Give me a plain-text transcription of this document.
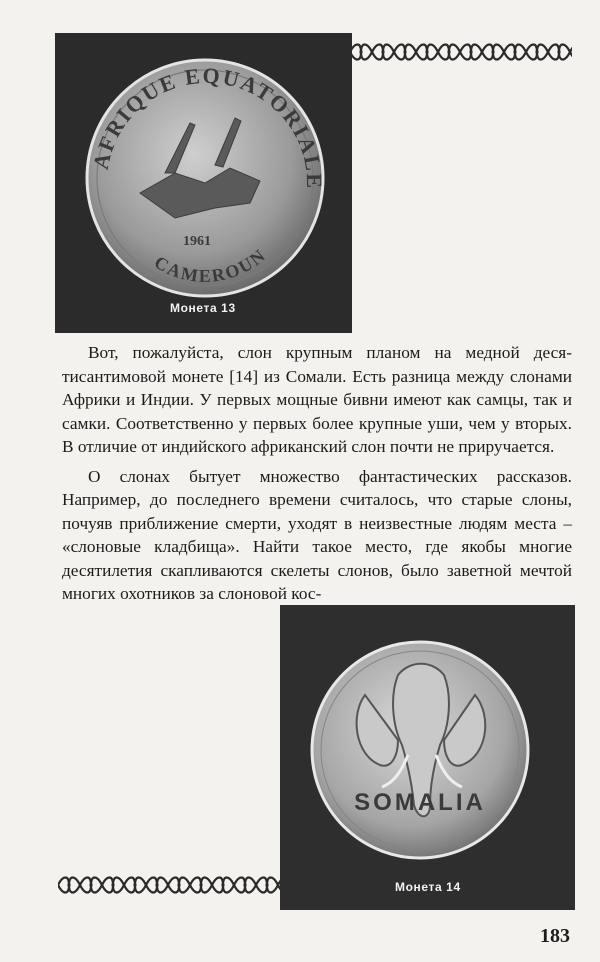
AFRIQUE EQUATORIALE
1961
CAMEROUN
Монета 13

Вот, пожалуйста, слон крупным планом на медной десятисантимовой монете [14] из Сомали. Есть разница между слонами Африки и Индии. У первых мощные бивни имеют как самцы, так и самки. Соответственно у первых более крупные уши, чем у вторых. В отличие от индийского африканский слон почти не приручается.

О слонах бытует множество фантастических рассказов. Например, до последнего времени считалось, что старые слоны, почуяв приближение смерти, уходят в неизвестные людям места – «слоновые кладбища». Найти такое место, где якобы многие десятилетия скапливаются скелеты слонов, было заветной мечтой многих охотников за слоновой кос-

SOMALIA
Монета 14
183
